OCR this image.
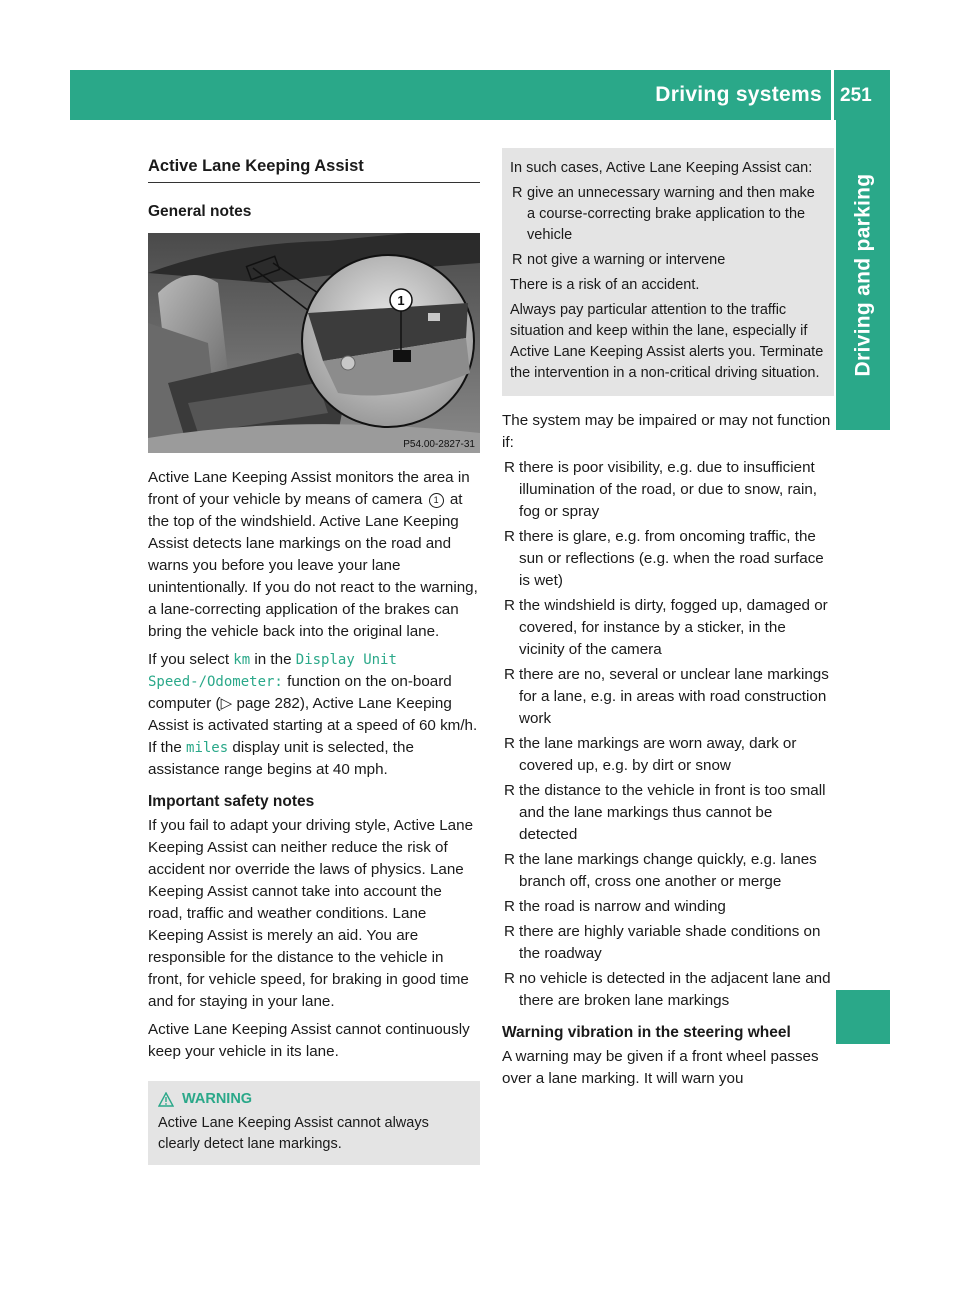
Driving systems 251
Driving and parking
Active Lane Keeping Assist
General notes
1
P54.00-2827-31

Active Lane Keeping Assist monitors the area in front of your vehicle by means of camera 1 at the top of the windshield. Active Lane Keeping Assist detects lane markings on the road and warns you before you leave your lane unintentionally. If you do not react to the warning, a lane-correcting application of the brakes can bring the vehicle back into the original lane.

If you select km in the Display Unit Speed-/Odometer: function on the on-board computer (▷ page 282), Active Lane Keeping Assist is activated starting at a speed of 60 km/h. If the miles display unit is selected, the assistance range begins at 40 mph.

Important safety notes

If you fail to adapt your driving style, Active Lane Keeping Assist can neither reduce the risk of accident nor override the laws of physics. Lane Keeping Assist cannot take into account the road, traffic and weather conditions. Lane Keeping Assist is merely an aid. You are responsible for the distance to the vehicle in front, for vehicle speed, for braking in good time and for staying in your lane.

Active Lane Keeping Assist cannot continuously keep your vehicle in its lane.

WARNING

Active Lane Keeping Assist cannot always clearly detect lane markings.

In such cases, Active Lane Keeping Assist can:

R give an unnecessary warning and then make a course-correcting brake application to the vehicle
R not give a warning or intervene

There is a risk of an accident.

Always pay particular attention to the traffic situation and keep within the lane, especially if Active Lane Keeping Assist alerts you. Terminate the intervention in a non-critical driving situation.

The system may be impaired or may not function if:

R there is poor visibility, e.g. due to insufficient illumination of the road, or due to snow, rain, fog or spray
R there is glare, e.g. from oncoming traffic, the sun or reflections (e.g. when the road surface is wet)
R the windshield is dirty, fogged up, damaged or covered, for instance by a sticker, in the vicinity of the camera
R there are no, several or unclear lane markings for a lane, e.g. in areas with road construction work
R the lane markings are worn away, dark or covered up, e.g. by dirt or snow
R the distance to the vehicle in front is too small and the lane markings thus cannot be detected
R the lane markings change quickly, e.g. lanes branch off, cross one another or merge
R the road is narrow and winding
R there are highly variable shade conditions on the roadway
R no vehicle is detected in the adjacent lane and there are broken lane markings
Warning vibration in the steering wheel

A warning may be given if a front wheel passes over a lane marking. It will warn you
